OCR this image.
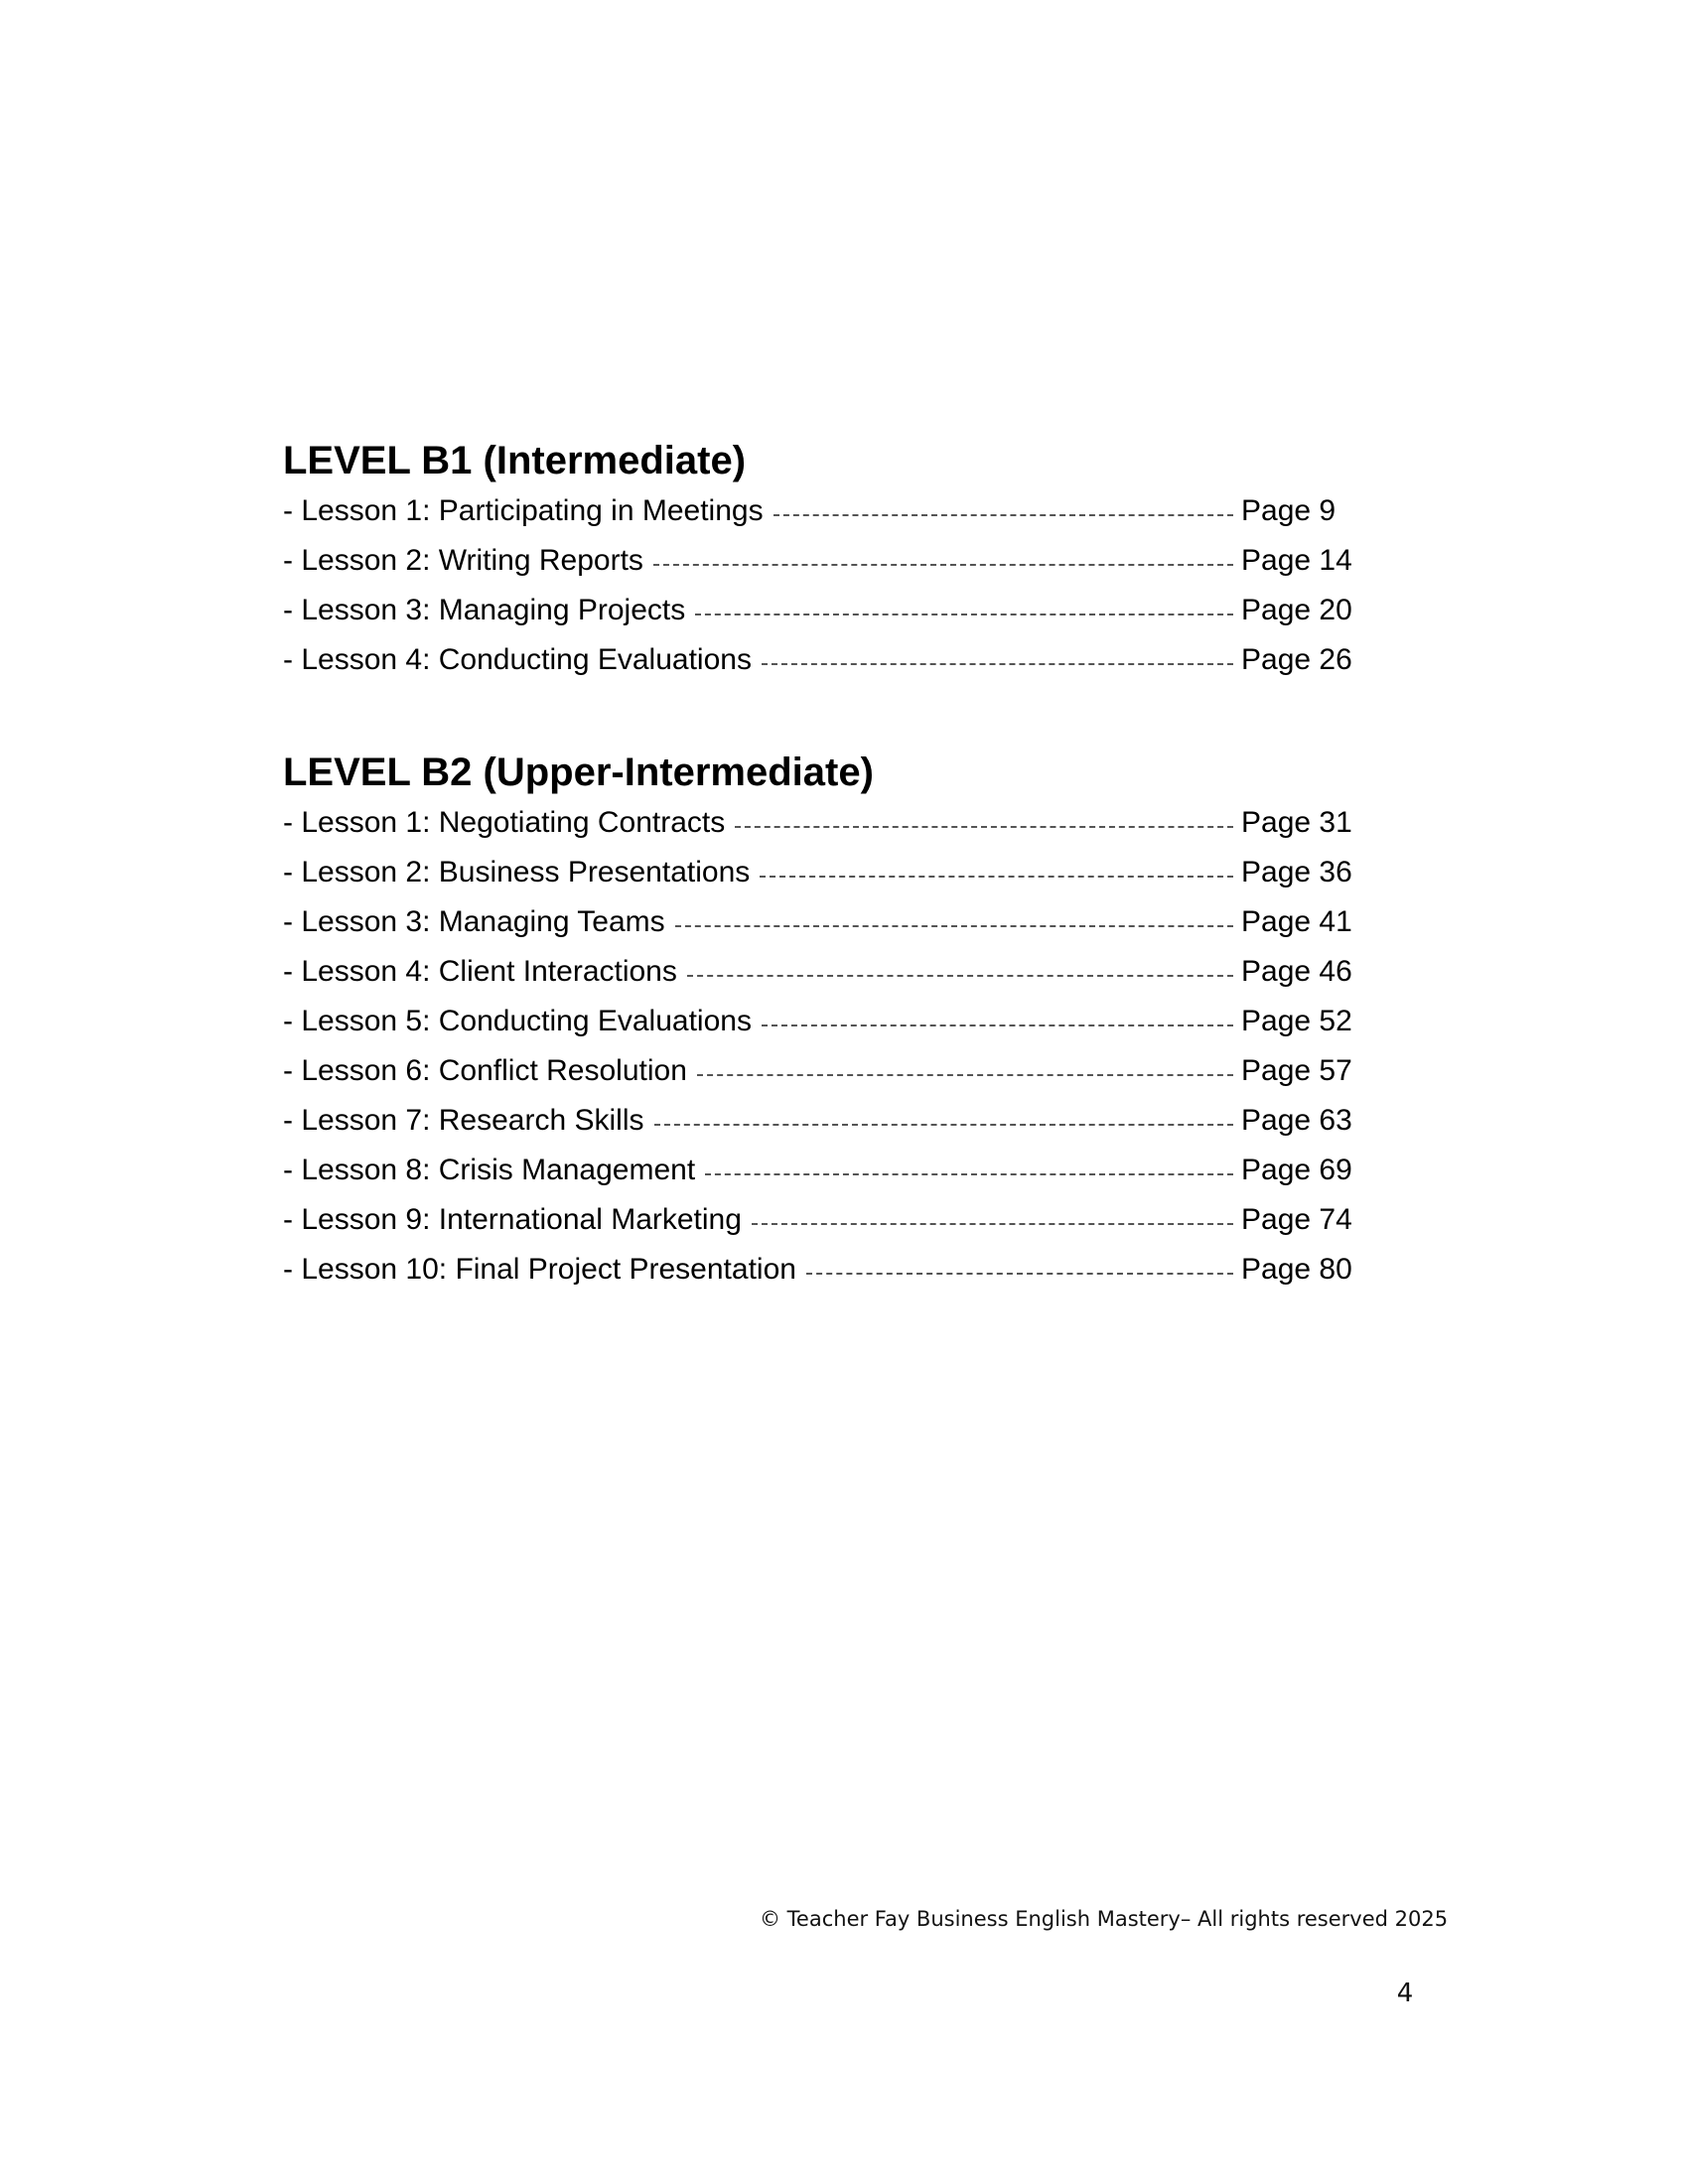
LEVEL B1 (Intermediate)
- Lesson 1: Participating in Meetings	Page 9
- Lesson 2: Writing Reports	Page 14
- Lesson 3: Managing Projects	Page 20
- Lesson 4: Conducting Evaluations	Page 26
LEVEL B2 (Upper-Intermediate)
- Lesson 1: Negotiating Contracts	Page 31
- Lesson 2: Business Presentations	Page 36
- Lesson 3: Managing Teams	Page 41
- Lesson 4: Client Interactions	Page 46
- Lesson 5: Conducting Evaluations	Page 52
- Lesson 6: Conflict Resolution	Page 57
- Lesson 7: Research Skills	Page 63
- Lesson 8: Crisis Management	Page 69
- Lesson 9: International Marketing	Page 74
- Lesson 10: Final Project Presentation	Page 80
© Teacher Fay Business English Mastery– All rights reserved 2025
4
